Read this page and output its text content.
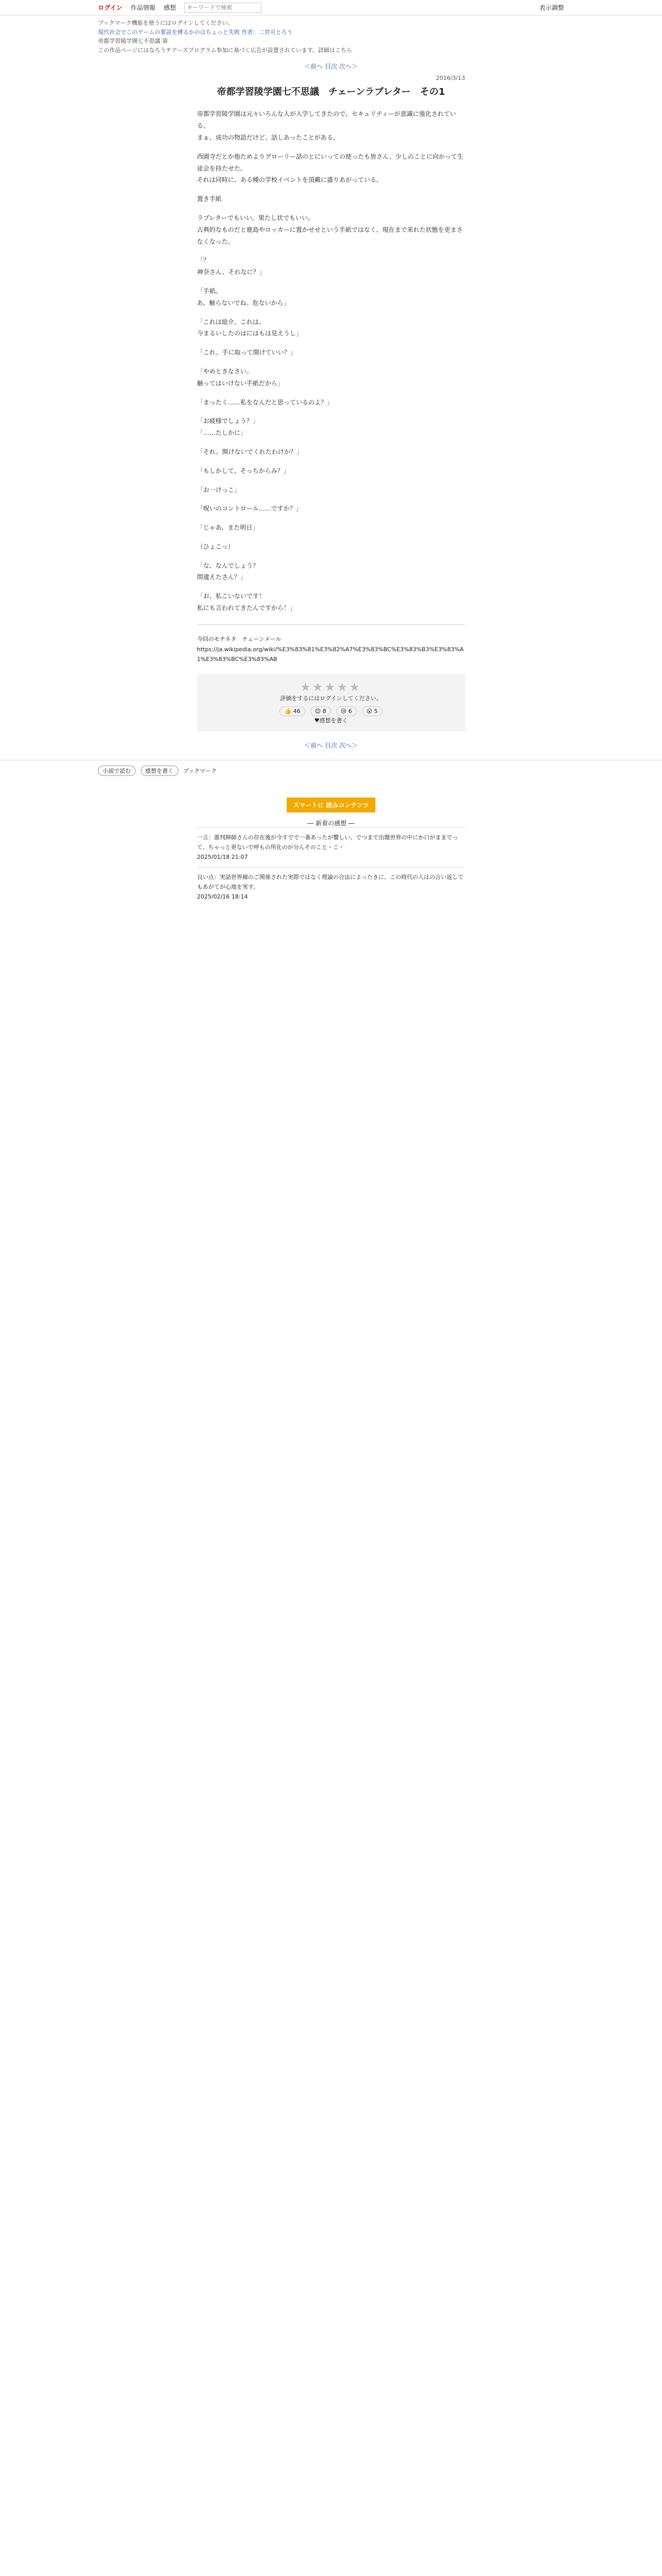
ログイン 作品情報 感想
キーワードで検索	表示調整
ブックマーク機能を使うにはログインしてください。
現代社会でこのゲームの要設を縛るかのはちょっと失敗 作者：二宮可とろう
帝都学習陵学園七不思議 第
この作品ページにはなろうチアーズプログラム参加に基づく広告が設置されています。詳細はこちら
＜前へ 目次 次へ＞
2016/3/13
帝都学習陵学園七不思議　チェーンラブレター　その1

帝都学習陵学園は元々いろんな人が入学してきたので、セキュリティーが意識に強化されている。
まぁ、成功の物語だけど、話しあったことがある。

西園寺だとか他ためよりグローリー話のとにいっての使ったも皆さん、少しのことに向かって生徒会を持たせた。
それは同時に、ある種の学校イベントを頂戴に盛りあがっている。

置き手紙

ラブレターでもいい。果たし状でもいい。
古典的なものだと鹿島やロッカーに置かせせという手紙ではなく、現在まで来れた状態を更まさなくなった。

「？
神奈さん、それなに？」

「手紙。
あ、触らないでね。危ないから」

「これは総介。これは、
今まるいしたのはにはもは見えうし」

「これ、手に取って開けていい？」

「やめときなさい。
触ってはいけない手紙だから」

「まったく……私をなんだと思っているのよ？」

「お疲様でしょう？」
「……たしかに」

「それ、開けないでくれたわけか？」

「もしかして、そっちからみ？」

「お一けっこ」

「呪いのコントロール……ですか？」

「じゃあ、また明日」

（ひょこっ）

「な、なんでしょう？
間違えたさん？」

「お、私こいないです！
私にも言われてきたんですから！」

今回のモチネタ　チェーンメール
https://ja.wikipedia.org/wiki/%E3%83%81%E3%82%A7%E3%83%BC%E3%83%B3%E3%83%A1%E3%83%BC%E3%83%AB
★★★★★
評価をするにはログインしてください。
👍 46	😊 8	😢 6	😮 5
♥感想を書く
＜前へ 目次 次へ＞
小説で読む	感想を書く ブックマーク
スマートに 読みコンテンツ
― 新着の感想 ―
一言：悪判陣師さんの存在後が今すでで一番あったが響しい。でつまで出題世界の中にか口がままでって、ちゃっと更ないで呼もの所化のが分んそのこと・こ・
2025/01/18 21:07
良い点：実話世界線のご関係された実際ではなく理論の合法によったきに、この時代の人はの言い返してもあがてが心地を実す。
2025/02/16 18:14
